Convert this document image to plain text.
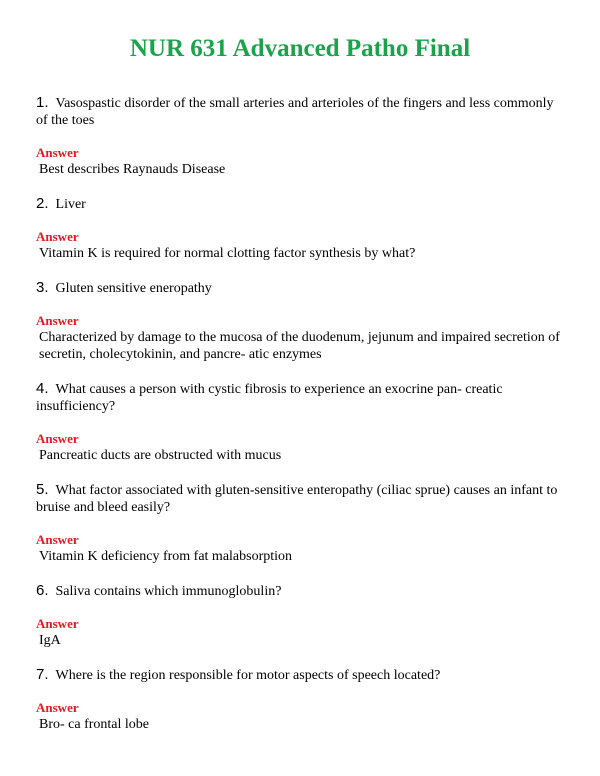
NUR 631 Advanced Patho Final

1. Vasospastic disorder of the small arteries and arterioles of the fingers and less commonly of the toes

Answer

Best describes Raynauds Disease

2. Liver

Answer

Vitamin K is required for normal clotting factor synthesis by what?

3. Gluten sensitive eneropathy

Answer

Characterized by damage to the mucosa of the duodenum, jejunum and impaired secretion of secretin, cholecytokinin, and pancre- atic enzymes

4. What causes a person with cystic fibrosis to experience an exocrine pan- creatic insufficiency?

Answer

Pancreatic ducts are obstructed with mucus

5. What factor associated with gluten-sensitive enteropathy (ciliac sprue) causes an infant to bruise and bleed easily?

Answer

Vitamin K deficiency from fat malabsorption

6. Saliva contains which immunoglobulin?

Answer

IgA

7. Where is the region responsible for motor aspects of speech located?

Answer

Bro- ca frontal lobe
